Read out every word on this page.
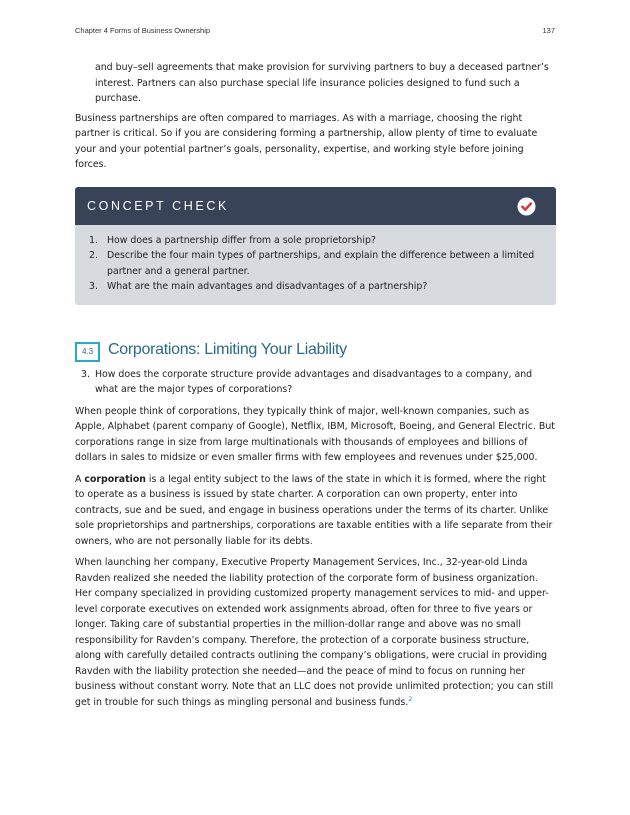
Chapter 4 Forms of Business Ownership	137

and buy–sell agreements that make provision for surviving partners to buy a deceased partner’s interest. Partners can also purchase special life insurance policies designed to fund such a purchase.

Business partnerships are often compared to marriages. As with a marriage, choosing the right partner is critical. So if you are considering forming a partnership, allow plenty of time to evaluate your and your potential partner’s goals, personality, expertise, and working style before joining forces.

CONCEPT CHECK
1. How does a partnership differ from a sole proprietorship?
2. Describe the four main types of partnerships, and explain the difference between a limited partner and a general partner.
3. What are the main advantages and disadvantages of a partnership?
4.3 Corporations: Limiting Your Liability
3. How does the corporate structure provide advantages and disadvantages to a company, and what are the major types of corporations?

When people think of corporations, they typically think of major, well-known companies, such as Apple, Alphabet (parent company of Google), Netflix, IBM, Microsoft, Boeing, and General Electric. But corporations range in size from large multinationals with thousands of employees and billions of dollars in sales to midsize or even smaller firms with few employees and revenues under $25,000.

A corporation is a legal entity subject to the laws of the state in which it is formed, where the right to operate as a business is issued by state charter. A corporation can own property, enter into contracts, sue and be sued, and engage in business operations under the terms of its charter. Unlike sole proprietorships and partnerships, corporations are taxable entities with a life separate from their owners, who are not personally liable for its debts.

When launching her company, Executive Property Management Services, Inc., 32-year-old Linda Ravden realized she needed the liability protection of the corporate form of business organization. Her company specialized in providing customized property management services to mid- and upper-level corporate executives on extended work assignments abroad, often for three to five years or longer. Taking care of substantial properties in the million-dollar range and above was no small responsibility for Ravden’s company. Therefore, the protection of a corporate business structure, along with carefully detailed contracts outlining the company’s obligations, were crucial in providing Ravden with the liability protection she needed—and the peace of mind to focus on running her business without constant worry. Note that an LLC does not provide unlimited protection; you can still get in trouble for such things as mingling personal and business funds.$^2$
